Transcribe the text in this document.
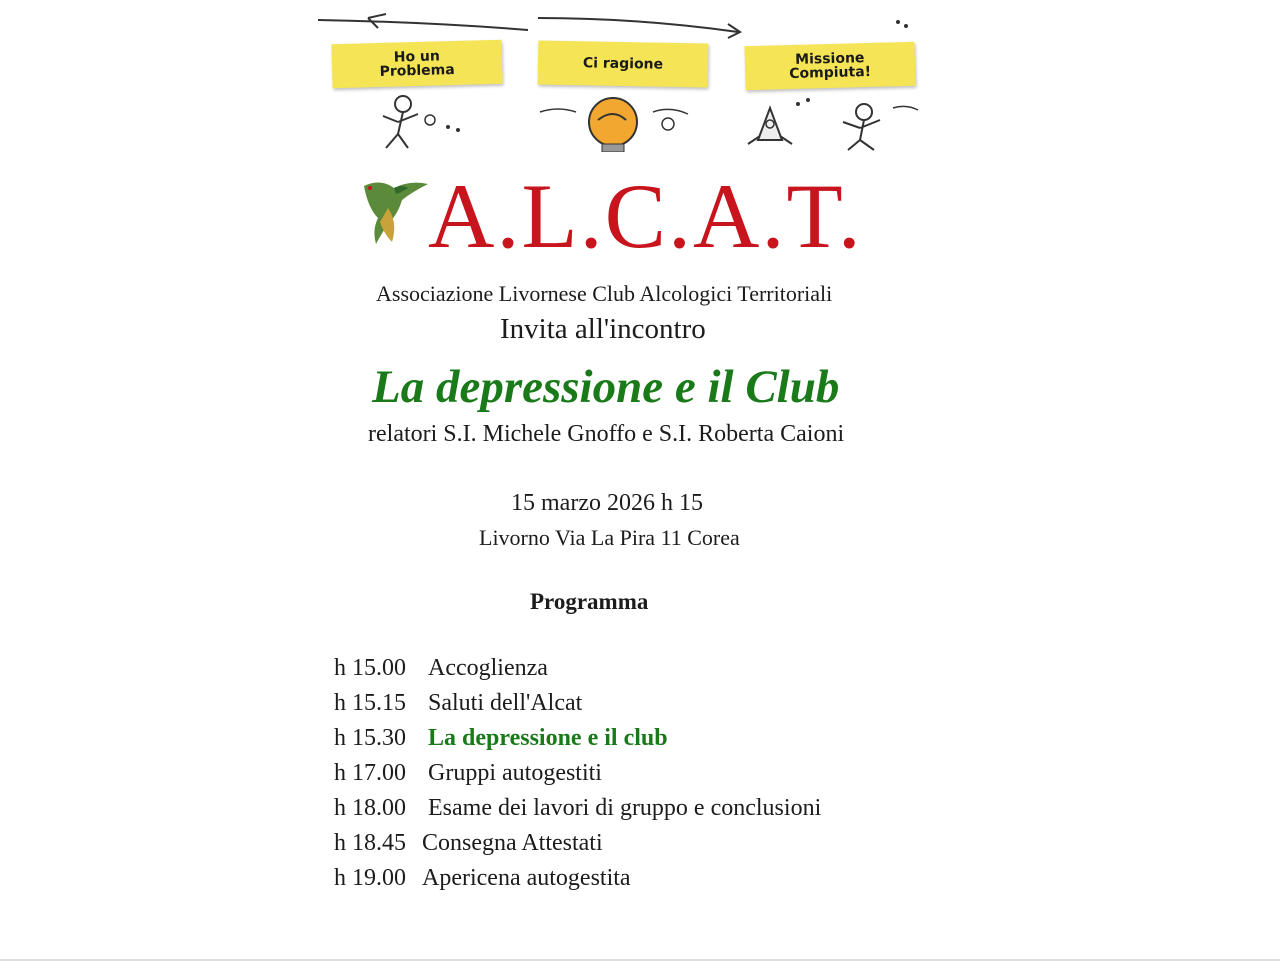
Ho un
Problema	Ci ragione	Missione
Compiuta!
A.L.C.A.T.
Associazione Livornese Club Alcologici Territoriali
Invita all'incontro
La depressione e il Club
relatori S.I. Michele Gnoffo e S.I. Roberta Caioni
15 marzo 2026 h 15
Livorno Via La Pira 11 Corea
Programma
h 15.00 Accoglienza
h 15.15 Saluti dell'Alcat
h 15.30 La depressione e il club
h 17.00 Gruppi autogestiti
h 18.00 Esame dei lavori di gruppo e conclusioni
h 18.45 Consegna Attestati
h 19.00 Apericena autogestita
